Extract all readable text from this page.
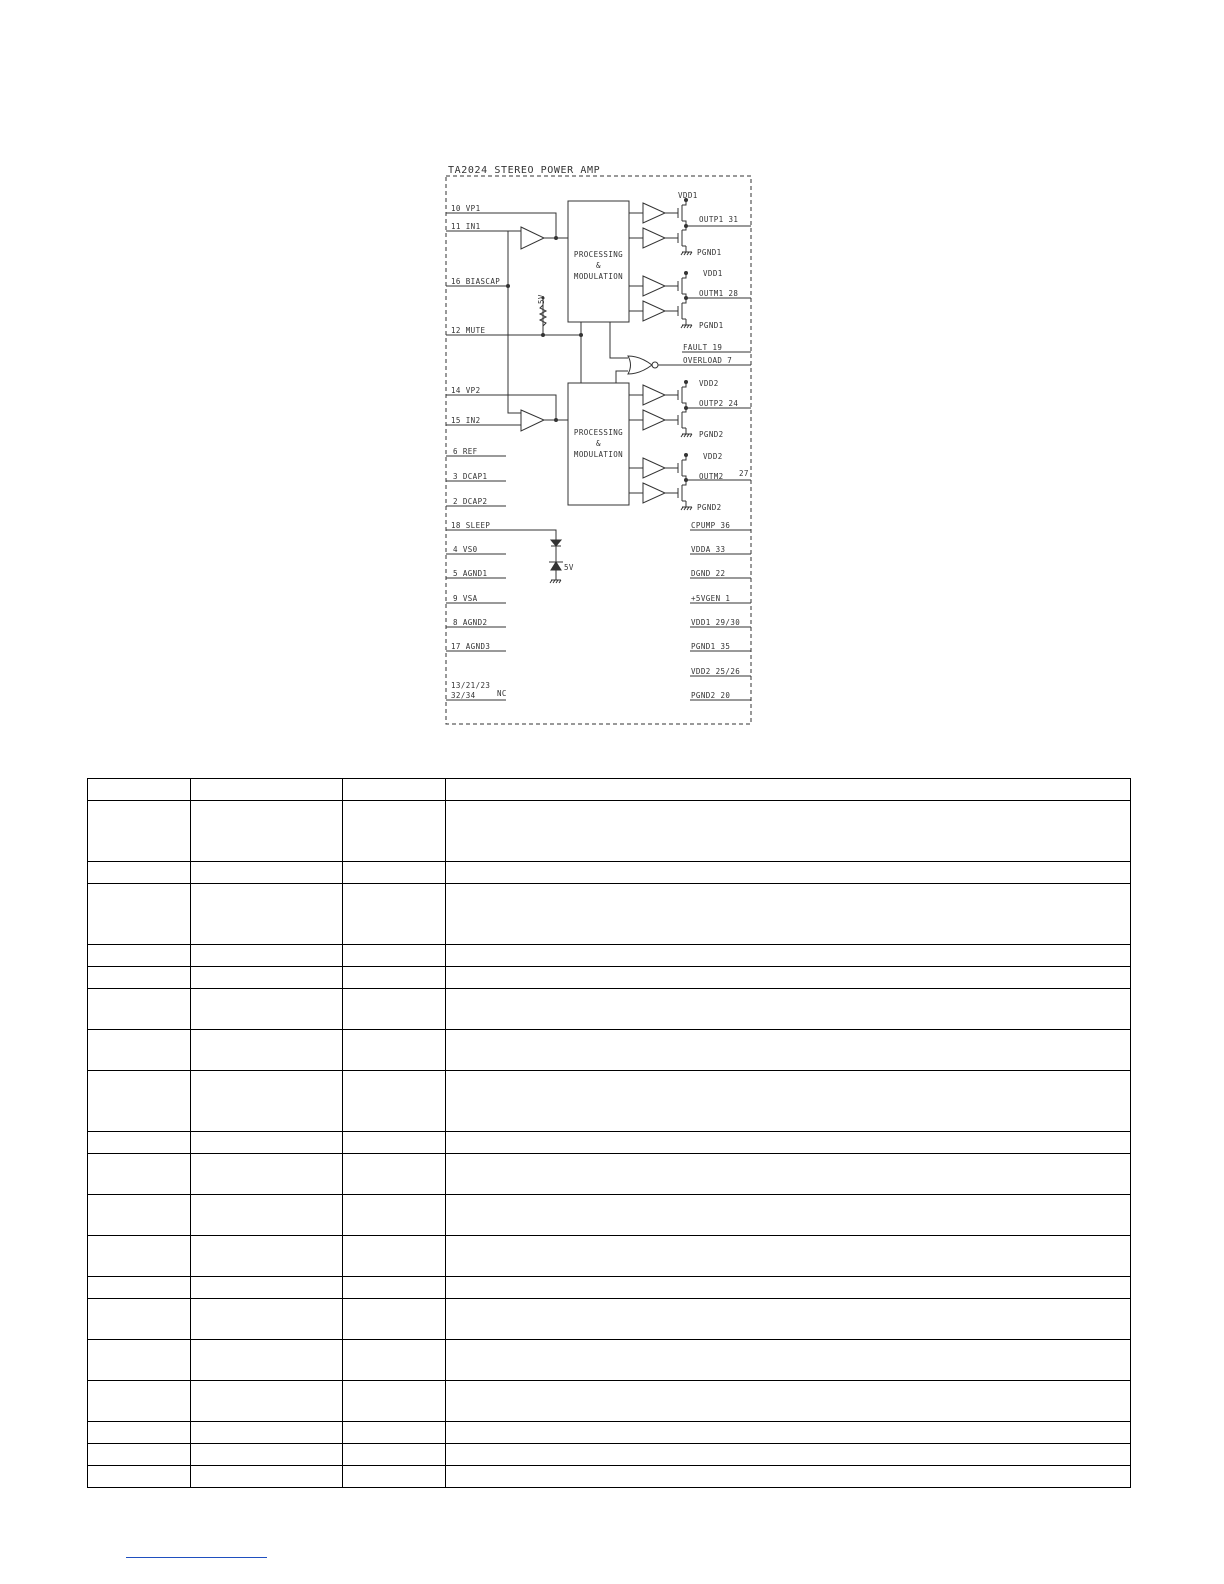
TA2024 STEREO POWER AMP
PROCESSING
&
MODULATION
PROCESSING
&
MODULATION
10 VP1
11 IN1
16 BIASCAP
12 MUTE
14 VP2
15 IN2
6 REF
3 DCAP1
2 DCAP2
18 SLEEP
4 VS0
5 AGND1
9 VSA
8 AGND2
17 AGND3
13/21/23
32/34	NC
5V
5V
VDD1
OUTP1 31
PGND1
VDD1
OUTM1 28
PGND1
FAULT 19
OVERLOAD 7
VDD2
OUTP2 24
PGND2
VDD2
OUTM2 27
PGND2
CPUMP 36
VDDA 33
DGND 22
+5VGEN 1
VDD1 29/30
PGND1 35
VDD2 25/26
PGND2 20
